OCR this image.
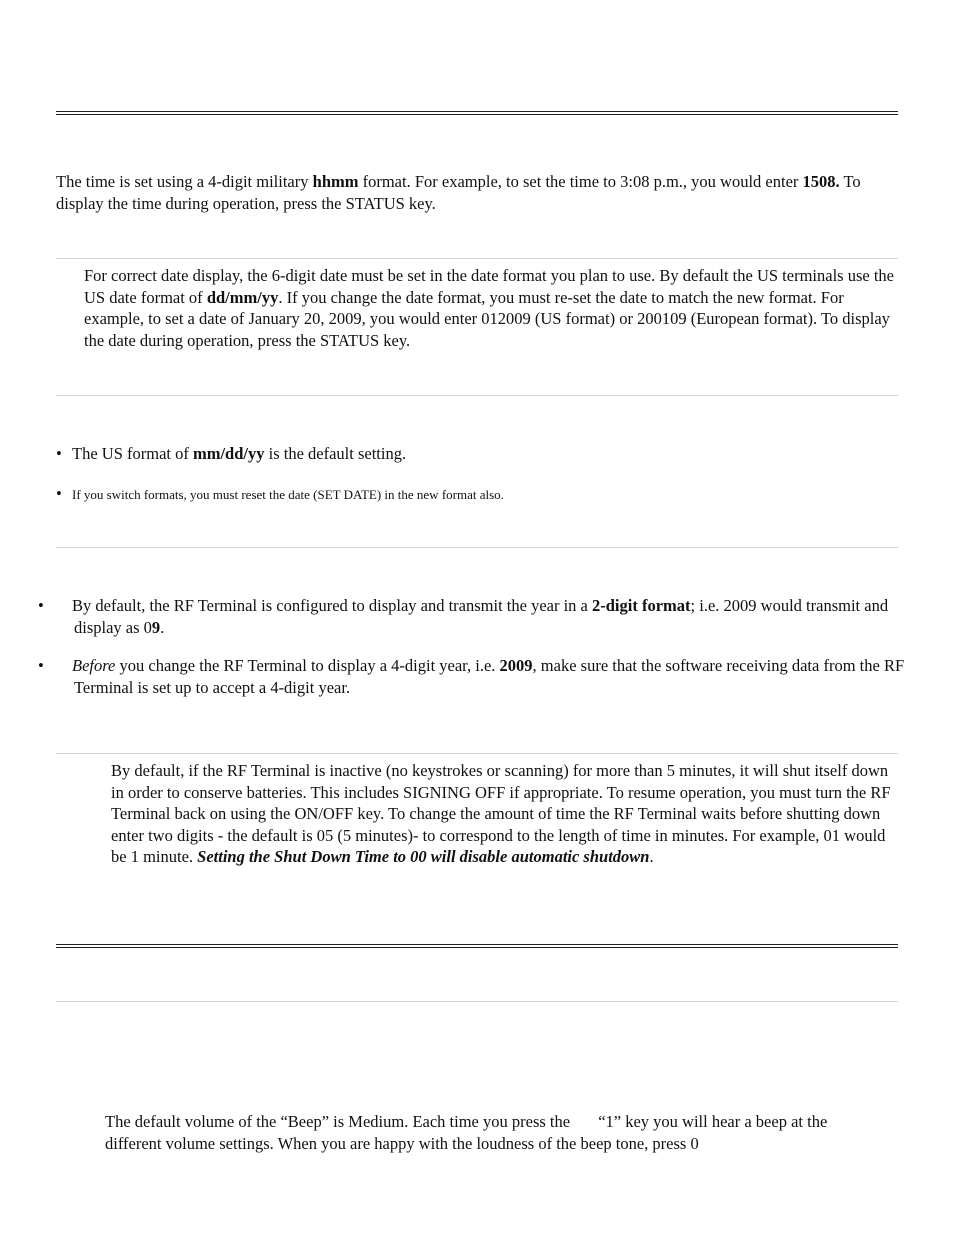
The time is set using a 4-digit military hhmm format. For example, to set the time to 3:08 p.m., you would enter 1508. To display the time during operation, press the STATUS key.

For correct date display, the 6-digit date must be set in the date format you plan to use. By default the US terminals use the US date format of dd/mm/yy. If you change the date format, you must re-set the date to match the new format. For example, to set a date of January 20, 2009, you would enter 012009 (US format) or 200109 (European format). To display the date during operation, press the STATUS key.

• The US format of mm/dd/yy is the default setting.

• If you switch formats, you must reset the date (SET DATE) in the new format also.

• By default, the RF Terminal is configured to display and transmit the year in a 2-digit format; i.e. 2009 would transmit and display as 09.

• Before you change the RF Terminal to display a 4-digit year, i.e. 2009, make sure that the software receiving data from the RF Terminal is set up to accept a 4-digit year.

By default, if the RF Terminal is inactive (no keystrokes or scanning) for more than 5 minutes, it will shut itself down in order to conserve batteries. This includes SIGNING OFF if appropriate. To resume operation, you must turn the RF Terminal back on using the ON/OFF key. To change the amount of time the RF Terminal waits before shutting down enter two digits - the default is 05 (5 minutes)- to correspond to the length of time in minutes. For example, 01 would be 1 minute. Setting the Shut Down Time to 00 will disable automatic shutdown.

The default volume of the “Beep” is Medium. Each time you press the “1” key you will hear a beep at the different volume settings. When you are happy with the loudness of the beep tone, press 0
